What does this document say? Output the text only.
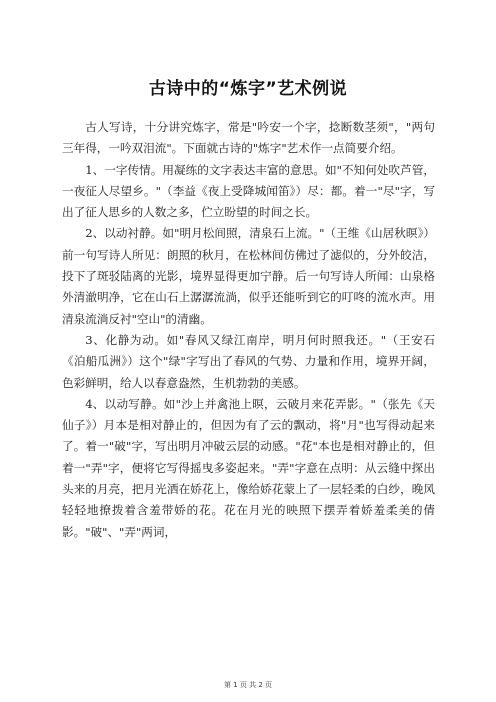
古诗中的“炼字”艺术例说

古人写诗，十分讲究炼字，常是"吟安一个字，捻断数茎须"，"两句三年得，一吟双泪流"。下面就古诗的"炼字"艺术作一点简要介绍。

1、一字传情。用凝练的文字表达丰富的意思。如"不知何处吹芦管，一夜征人尽望乡。"（李益《夜上受降城闻笛》）尽：都。着一"尽"字，写出了征人思乡的人数之多，伫立盼望的时间之长。

2、以动衬静。如"明月松间照，清泉石上流。"（王维《山居秋暝》）前一句写诗人所见：朗照的秋月，在松林间仿佛过了滤似的，分外皎洁，投下了斑驳陆离的光影，境界显得更加宁静。后一句写诗人所闻：山泉格外清澈明净，它在山石上潺潺流淌，似乎还能听到它的叮咚的流水声。用清泉流淌反衬"空山"的清幽。

3、化静为动。如"春风又绿江南岸，明月何时照我还。"（王安石《泊船瓜洲》）这个"绿"字写出了春风的气势、力量和作用，境界开阔，色彩鲜明，给人以春意盎然，生机勃勃的美感。

4、以动写静。如"沙上并禽池上暝，云破月来花弄影。"（张先《天仙子》）月本是相对静止的，但因为有了云的飘动，将"月"也写得动起来了。着一"破"字，写出明月冲破云层的动感。"花"本也是相对静止的，但着一"弄"字，便将它写得摇曳多姿起来。"弄"字意在点明：从云缝中探出头来的月亮，把月光洒在娇花上，像给娇花蒙上了一层轻柔的白纱，晚风轻轻地撩拨着含羞带娇的花。花在月光的映照下摆弄着娇羞柔美的倩影。"破"、"弄"两词，

第 1 页 共 2 页
